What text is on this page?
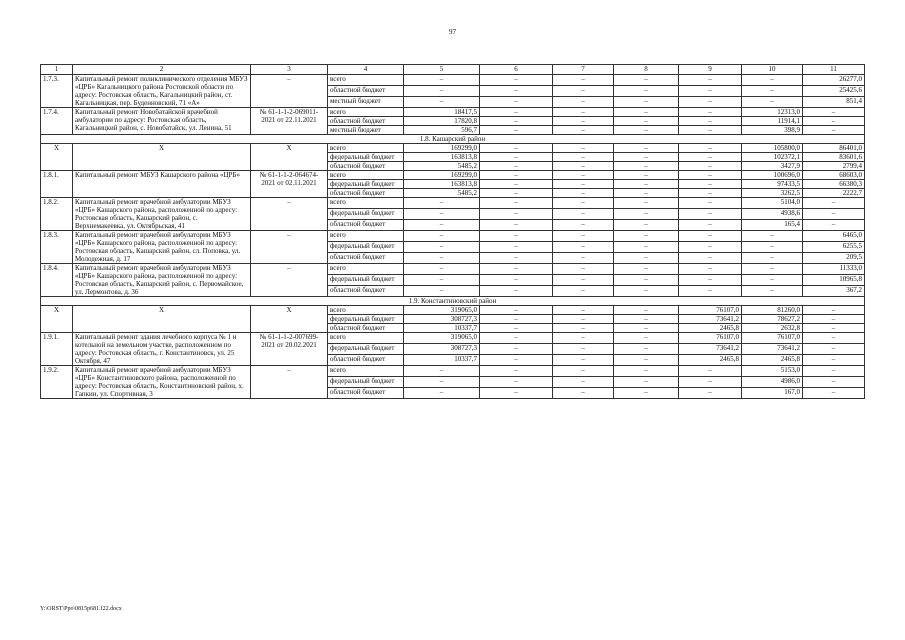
97
1	2	3	4	5	6	7	8	9	10	11
1.7.3.	Капитальный ремонт поликлинического отделения МБУЗ «ЦРБ» Кагальницкого района Ростовской области по адресу: Ростовская область, Кагальницкий район, ст. Кагальницкая, пер. Буденновский, 71 «А»	–	всего	–	–	–	–	–	–	26277,0
			областной бюджет	–	–	–	–	–	–	25425,6
			местный бюджет	–	–	–	–	–	–	851,4
1.7.4.	Капитальный ремонт Новобатайской врачебной амбулатории по адресу: Ростовская область, Кагальницкий район, с. Новобатайск, ул. Ленина, 51	№ 61-1-1-2-069011-2021 от 22.11.2021	всего	18417,5	–	–	–	–	12313,0	–
			областной бюджет	17820,8	–	–	–	–	11914,1	–
			местный бюджет	596,7	–	–	–	–	398,9	–
1.8. Кашарский район										
X	X	X	всего	169299,0	–	–	–	–	105800,0	86401,0
			федеральный бюджет	163813,8	–	–	–	–	102372,1	83601,6
			областной бюджет	5485,2	–	–	–	–	3427,9	2799,4
1.8.1.	Капитальный ремонт МБУЗ Кашарского района «ЦРБ»	№ 61-1-1-2-064674-2021 от 02.11.2021	всего	169299,0	–	–	–	–	100696,0	68603,0
			федеральный бюджет	163813,8	–	–	–	–	97433,5	66380,3
			областной бюджет	5485,2	–	–	–	–	3262,5	2222,7
1.8.2.	Капитальный ремонт врачебной амбулатории МБУЗ «ЦРБ» Кашарского района, расположенной по адресу: Ростовская область, Кашарский район, с. Верхнемакеевка, ул. Октябрьская, 41	–	всего	–	–	–	–	–	5104,0	–
			федеральный бюджет	–	–	–	–	–	4938,6	–
			областной бюджет	–	–	–	–	–	165,4	–
1.8.3.	Капитальный ремонт врачебной амбулатории МБУЗ «ЦРБ» Кашарского района, расположенной по адресу: Ростовская область, Кашарский район, сл. Поповка, ул. Молодежная, д. 17	–	всего	–	–	–	–	–	–	6465,0
			федеральный бюджет	–	–	–	–	–	–	6255,5
			областной бюджет	–	–	–	–	–	–	209,5
1.8.4.	Капитальный ремонт врачебной амбулатории МБУЗ «ЦРБ» Кашарского района, расположенной по адресу: Ростовская область, Кашарский район, с. Первомайское, ул. Лермонтова, д. 36	–	всего	–	–	–	–	–	–	11333,0
			федеральный бюджет	–	–	–	–	–	–	10965,8
			областной бюджет	–	–	–	–	–	–	367,2
1.9. Константиновский район										
X	X	X	всего	319065,0	–	–	–	76107,0	81260,0	–
			федеральный бюджет	308727,3	–	–	–	73641,2	78627,2	–
			областной бюджет	10337,7	–	–	–	2465,8	2632,8	–
1.9.1.	Капитальный ремонт здания лечебного корпуса № 1 и котельной на земельном участке, расположенном по адресу: Ростовская область, г. Константиновск, ул. 25 Октября, 47	№ 61-1-1-2-007699-2021 от 20.02.2021	всего	319065,0	–	–	–	76107,0	76107,0	–
			федеральный бюджет	308727,3	–	–	–	73641,2	73641,2	–
			областной бюджет	10337,7	–	–	–	2465,8	2465,8	–
1.9.2.	Капитальный ремонт врачебной амбулатории МБУЗ «ЦРБ» Константиновского района, расположенной по адресу: Ростовская область, Константиновский район, х. Гапкин, ул. Спортивная, 3	–	всего	–	–	–	–	–	5153,0	–
			федеральный бюджет	–	–	–	–	–	4986,0	–
			областной бюджет	–	–	–	–	–	167,0	–
Y:\ORST\Ppo\0815p681.f22.docx
